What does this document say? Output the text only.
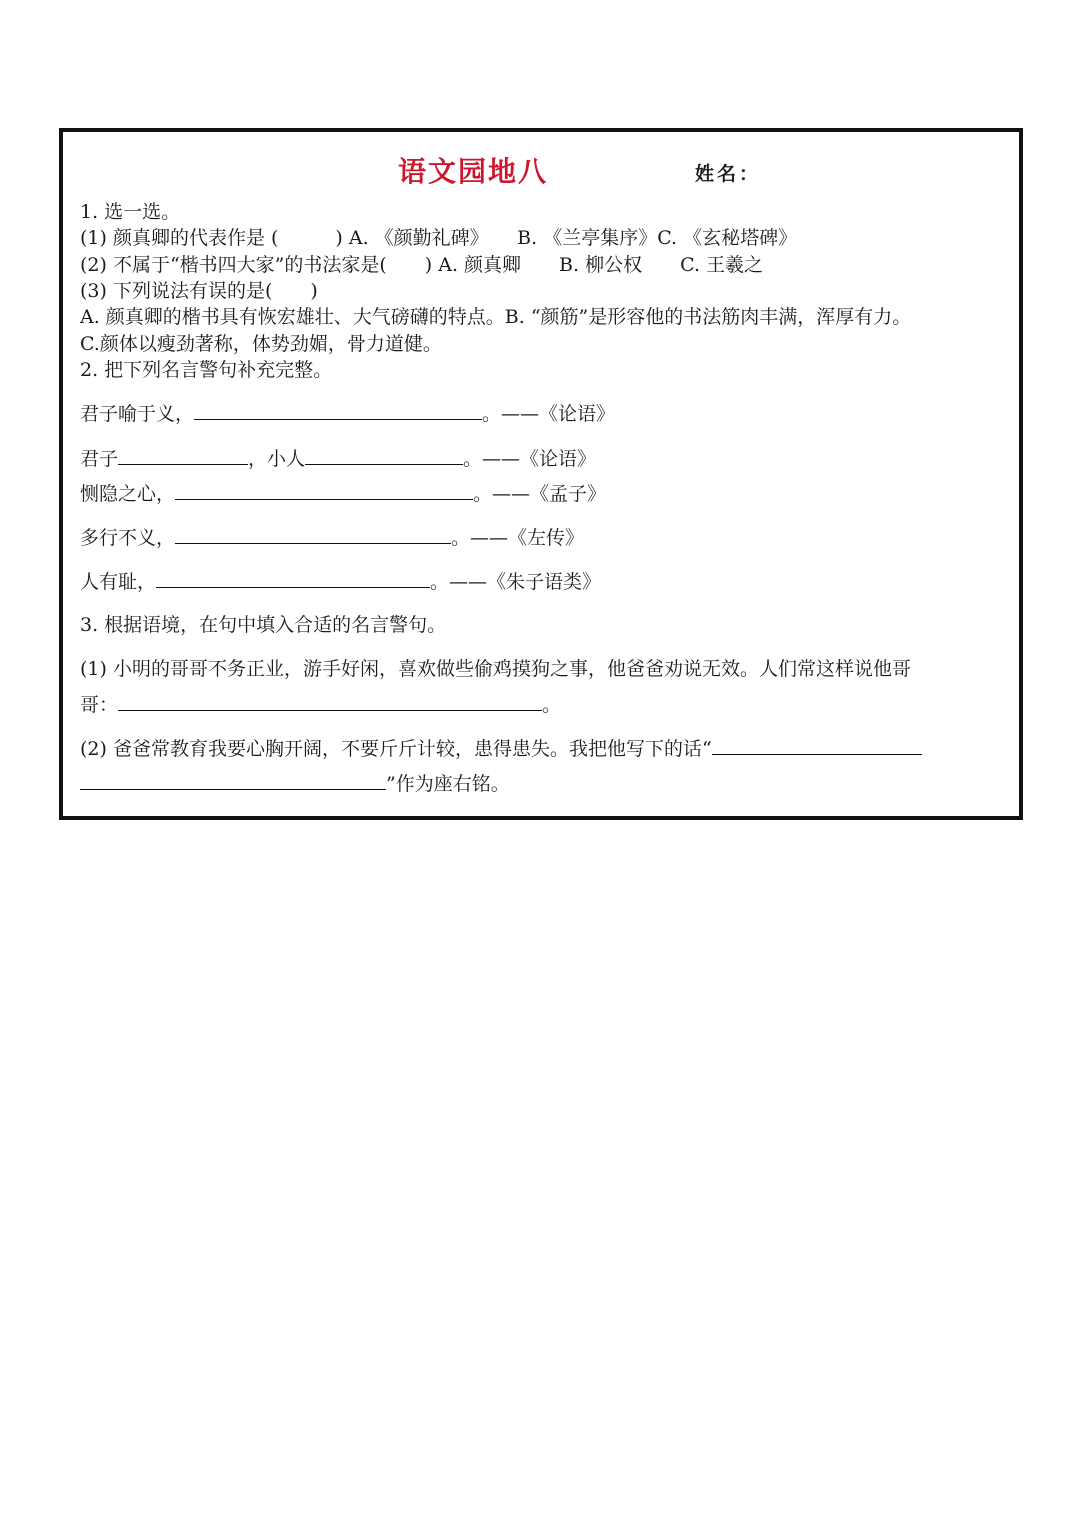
语文园地八	姓名：
1. 选一选。
(1) 颜真卿的代表作是 (　　　) A. 《颜勤礼碑》　　B. 《兰亭集序》C. 《玄秘塔碑》
(2) 不属于“楷书四大家”的书法家是(　　) A. 颜真卿　　B. 柳公权　　C. 王羲之
(3) 下列说法有误的是(　　)
A. 颜真卿的楷书具有恢宏雄壮、大气磅礴的特点。B. “颜筋”是形容他的书法筋肉丰满，浑厚有力。
C.颜体以瘦劲著称，体势劲媚，骨力道健。
2. 把下列名言警句补充完整。
君子喻于义，	。——《论语》
君子	，小人	。——《论语》
恻隐之心，	。——《孟子》
多行不义，	。——《左传》
人有耻，	。——《朱子语类》
3. 根据语境，在句中填入合适的名言警句。
(1) 小明的哥哥不务正业，游手好闲，喜欢做些偷鸡摸狗之事，他爸爸劝说无效。人们常这样说他哥
哥：	。
(2) 爸爸常教育我要心胸开阔，不要斤斤计较，患得患失。我把他写下的话“
”作为座右铭。
